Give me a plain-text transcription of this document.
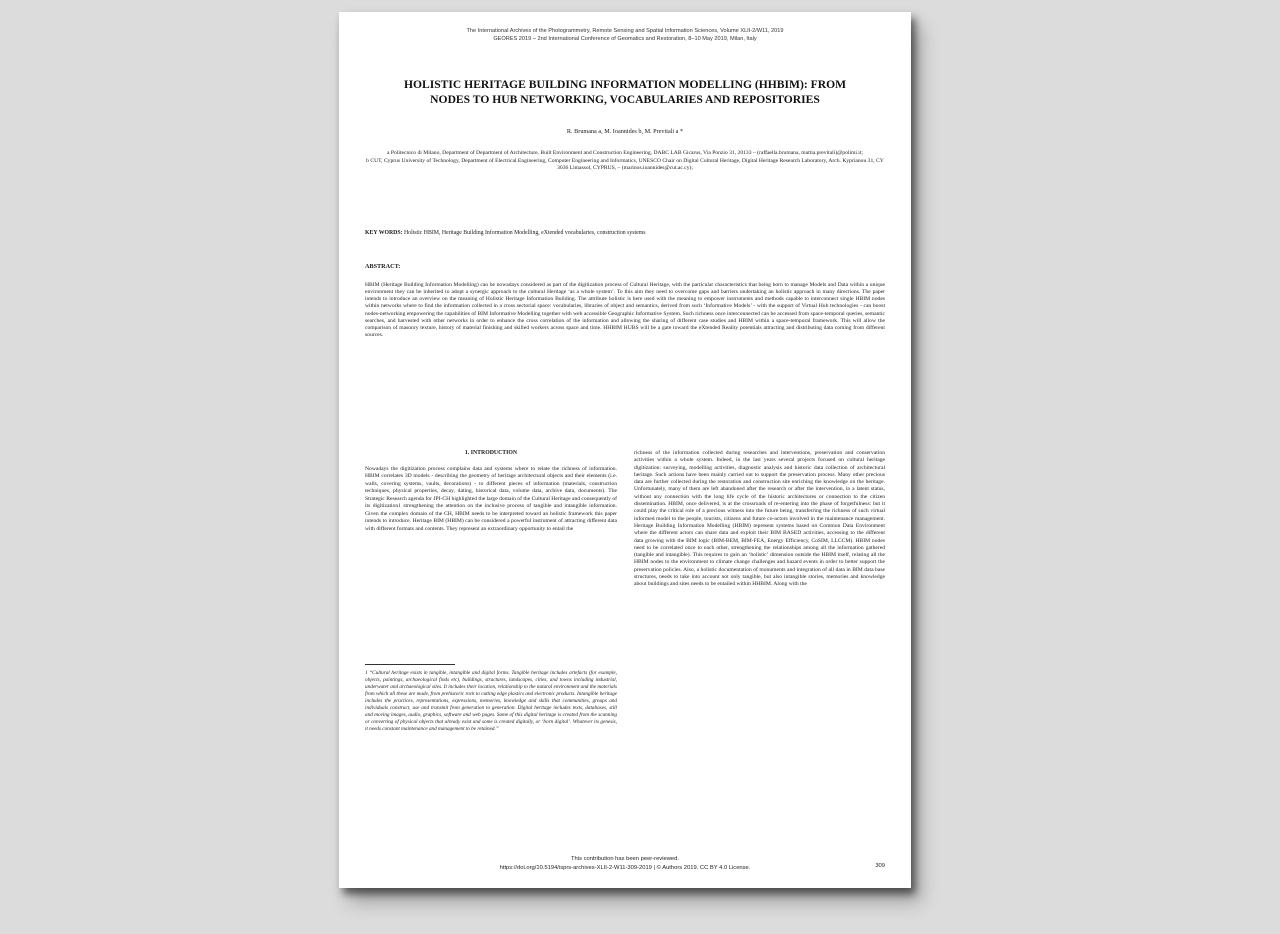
The International Archives of the Photogrammetry, Remote Sensing and Spatial Information Sciences, Volume XLII-2/W11, 2019
GEORES 2019 – 2nd International Conference of Geomatics and Restoration, 8–10 May 2019, Milan, Italy
HOLISTIC HERITAGE BUILDING INFORMATION MODELLING (HHBIM): FROM
NODES TO HUB NETWORKING, VOCABULARIES AND REPOSITORIES
R. Brumana a, M. Ioannides b, M. Previtali a *
a Politecnico di Milano, Department of Department of Architecture, Built Environment and Construction Engineering, DABC LAB Gicarus, Via Ponzio 31, 20133 – (raffaella.brumana, mattia.previtali)@polimi.it;
b CUT, Cyprus University of Technology, Department of Electrical Engineering, Computer Engineering and Informatics, UNESCO Chair on Digital Cultural Heritage, Digital Heritage Research Laboratory, Arch. Kyprianou 31, CY 3036 Limassol, CYPRUS, – (marinos.ioannides@cut.ac.cy);
KEY WORDS: Holistic HBIM, Heritage Building Information Modelling, eXtended vocabularies, construction systems
ABSTRACT:
HBIM (Heritage Building Information Modelling) can be nowadays considered as part of the digitization process of Cultural Heritage, with the particular characteristics that being born to manage Models and Data within a unique environment they can be inherited to adopt a synergic approach to the cultural Heritage ‘as a whole system’. To this aim they need to overcome gaps and barriers undertaking an holistic approach in many directions. The paper intends to introduce an overview on the meaning of Holistic Heritage Information Building. The attribute holistic is here used with the meaning to empower instruments and methods capable to interconnect single HBIM nodes within networks where to find the information collected in a cross sectorial space: vocabularies, libraries of object and semantics, derived from such ‘Informative Models’ - with the support of Virtual Hub technologies - can boost nodes-networking empowering the capabilities of BIM Informative Modelling together with web accessible Geographic Informative System. Such richness once interconnected can be accessed from space-temporal queries, semantic searches, and harvested with other networks in order to enhance the cross correlation of the information and allowing the sharing of different case studies and HBIM within a space-temporal framework. This will allow the comparison of masonry texture, history of material finishing and skilled workers across space and time. HHBIM HUBS will be a gate toward the eXtended Reality potentials attracting and distributing data coming from different sources.
1. INTRODUCTION
Nowadays the digitization process complains data and systems where to relate the richness of information. HBIM correlates 3D models - describing the geometry of heritage architectural objects and their elements (i.e. walls, covering systems, vaults, decorations) - to different pieces of information (materials, construction techniques, physical properties, decay, dating, historical data, volume data, archive data, documents). The Strategic Research agenda for JPI-CH highlighted the large domain of the Cultural Heritage and consequently of its digitization1 strengthening the attention on the inclusive process of tangible and intangible information. Given the complex domain of the CH, HBIM needs to be interpreted toward an holistic framework this paper intends to introduce. Heritage BIM (HBIM) can be considered a powerful instrument of attracting different data with different formats and contents. They represent an extraordinary opportunity to entail the
1 “Cultural heritage exists in tangible, intangible and digital forms. Tangible heritage includes artefacts (for example, objects, paintings, archaeological finds etc), buildings, structures, landscapes, cities, and towns including industrial, underwater and archaeological sites. It includes their location, relationship to the natural environment and the materials from which all these are made, from prehistoric rock to cutting edge plastics and electronic products. Intangible heritage includes the practices, representations, expressions, memories, knowledge and skills that communities, groups and individuals construct, use and transmit from generation to generation. Digital heritage includes texts, databases, still and moving images, audio, graphics, software and web pages. Some of this digital heritage is created from the scanning or converting of physical objects that already exist and some is created digitally, or ‘born digital’. Whatever its genesis, it needs constant maintenance and management to be retained.”
richness of the information collected during researches and interventions, preservation and conservation activities within a whole system. Indeed, in the last years several projects focused on cultural heritage digitization: surveying, modelling activities, diagnostic analysis and historic data collection of architectural heritage. Such actions have been mainly carried out to support the preservation process. Many other precious data are further collected during the restoration and construction site enriching the knowledge on the heritage. Unfortunately, many of them are left abandoned after the research or after the intervention, in a latent status, without any connection with the long life cycle of the historic architectures or connection to the citizen dissemination. HBIM, once delivered, is at the crossroads of re-entering into the phase of forgetfulness: but it could play the critical role of a precious witness into the future being, transferring the richness of such virtual informed model to the people, tourists, citizens and future co-actors involved in the maintenance management. Heritage Building Information Modelling (HBIM) represent systems based on Common Data Environment where the different actors can share data and exploit their BIM BASED activities, accessing to the different data growing with the BIM logic (BIM-BEM, BIM-FEA, Energy Efficiency, CoSIM, LLCCM). HBIM nodes need to be correlated once to each other, strengthening the relationships among all the information gathered (tangible and intangible). This requires to gain an ‘holistic’ dimension outside the HBIM itself, relating all the HBIM nodes to the environment to climate change challenges and hazard events in order to better support the preservation policies. Also, a holistic documentation of monuments and integration of all data in BIM data base structures, needs to take into account not only tangible, but also intangible stories, memories and knowledge about buildings and sites needs to be entailed within HHBIM. Along with the
This contribution has been peer-reviewed.
https://doi.org/10.5194/isprs-archives-XLII-2-W11-309-2019 | © Authors 2019. CC BY 4.0 License.	309
